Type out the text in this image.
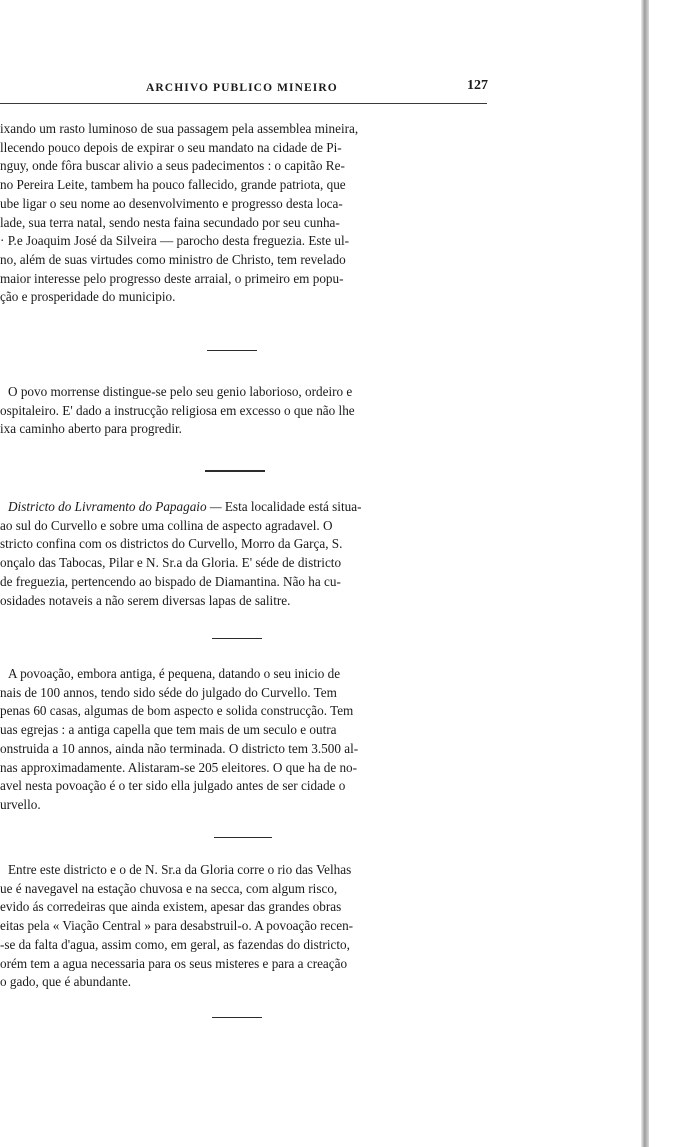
ARCHIVO PUBLICO MINEIRO	127
ixando um rasto luminoso de sua passagem pela assemblea mineira,
llecendo pouco depois de expirar o seu mandato na cidade de Pi-
nguy, onde fôra buscar alivio a seus padecimentos : o capitão Re-
no Pereira Leite, tambem ha pouco fallecido, grande patriota, que
ube ligar o seu nome ao desenvolvimento e progresso desta loca-
lade, sua terra natal, sendo nesta faina secundado por seu cunha-
· P.e Joaquim José da Silveira — parocho desta freguezia. Este ul-
no, além de suas virtudes como ministro de Christo, tem revelado
maior interesse pelo progresso deste arraial, o primeiro em popu-
ção e prosperidade do municipio.
O povo morrense distingue-se pelo seu genio laborioso, ordeiro e
ospitaleiro. E' dado a instrucção religiosa em excesso o que não lhe
ixa caminho aberto para progredir.
Districto do Livramento do Papagaio — Esta localidade está situa-
ao sul do Curvello e sobre uma collina de aspecto agradavel. O
stricto confina com os districtos do Curvello, Morro da Garça, S.
onçalo das Tabocas, Pilar e N. Sr.a da Gloria. E' séde de districto
de freguezia, pertencendo ao bispado de Diamantina. Não ha cu-
osidades notaveis a não serem diversas lapas de salitre.
A povoação, embora antiga, é pequena, datando o seu inicio de
nais de 100 annos, tendo sido séde do julgado do Curvello. Tem
penas 60 casas, algumas de bom aspecto e solida construcção. Tem
uas egrejas : a antiga capella que tem mais de um seculo e outra
onstruida a 10 annos, ainda não terminada. O districto tem 3.500 al-
nas approximadamente. Alistaram-se 205 eleitores. O que ha de no-
avel nesta povoação é o ter sido ella julgado antes de ser cidade o
urvello.
Entre este districto e o de N. Sr.a da Gloria corre o rio das Velhas
ue é navegavel na estação chuvosa e na secca, com algum risco,
evido ás corredeiras que ainda existem, apesar das grandes obras
eitas pela « Viação Central » para desabstruil-o. A povoação recen-
-se da falta d'agua, assim como, em geral, as fazendas do districto,
orém tem a agua necessaria para os seus misteres e para a creação
o gado, que é abundante.
